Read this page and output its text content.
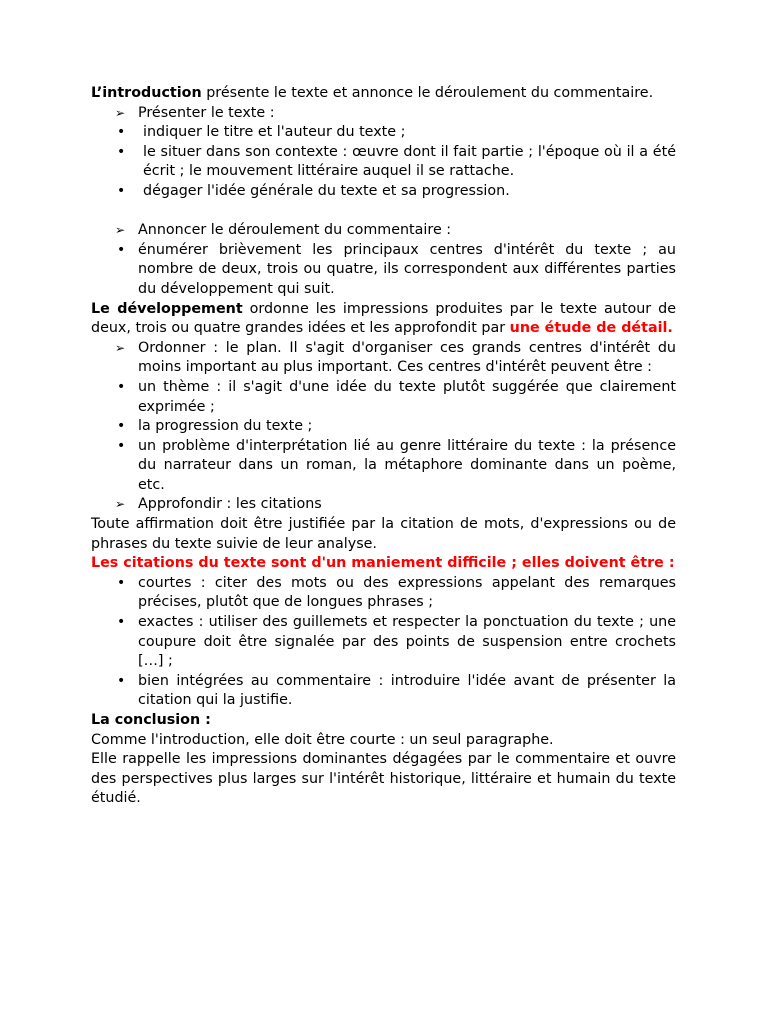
L’introduction présente le texte et annonce le déroulement du commentaire.

➢ Présenter le texte :
• indiquer le titre et l'auteur du texte ;
• le situer dans son contexte : œuvre dont il fait partie ; l'époque où il a été écrit ; le mouvement littéraire auquel il se rattache.
• dégager l'idée générale du texte et sa progression.
➢ Annoncer le déroulement du commentaire :
• énumérer brièvement les principaux centres d'intérêt du texte ; au nombre de deux, trois ou quatre, ils correspondent aux différentes parties du développement qui suit.

Le développement ordonne les impressions produites par le texte autour de deux, trois ou quatre grandes idées et les approfondit par une étude de détail.

➢ Ordonner : le plan. Il s'agit d'organiser ces grands centres d'intérêt du moins important au plus important. Ces centres d'intérêt peuvent être :
• un thème : il s'agit d'une idée du texte plutôt suggérée que clairement exprimée ;
• la progression du texte ;
• un problème d'interprétation lié au genre littéraire du texte : la présence du narrateur dans un roman, la métaphore dominante dans un poème, etc.
➢ Approfondir : les citations

Toute affirmation doit être justifiée par la citation de mots, d'expressions ou de phrases du texte suivie de leur analyse.

Les citations du texte sont d'un maniement difficile ; elles doivent être :

• courtes : citer des mots ou des expressions appelant des remarques précises, plutôt que de longues phrases ;
• exactes : utiliser des guillemets et respecter la ponctuation du texte ; une coupure doit être signalée par des points de suspension entre crochets […] ;
• bien intégrées au commentaire : introduire l'idée avant de présenter la citation qui la justifie.

La conclusion :

Comme l'introduction, elle doit être courte : un seul paragraphe.

Elle rappelle les impressions dominantes dégagées par le commentaire et ouvre des perspectives plus larges sur l'intérêt historique, littéraire et humain du texte étudié.
